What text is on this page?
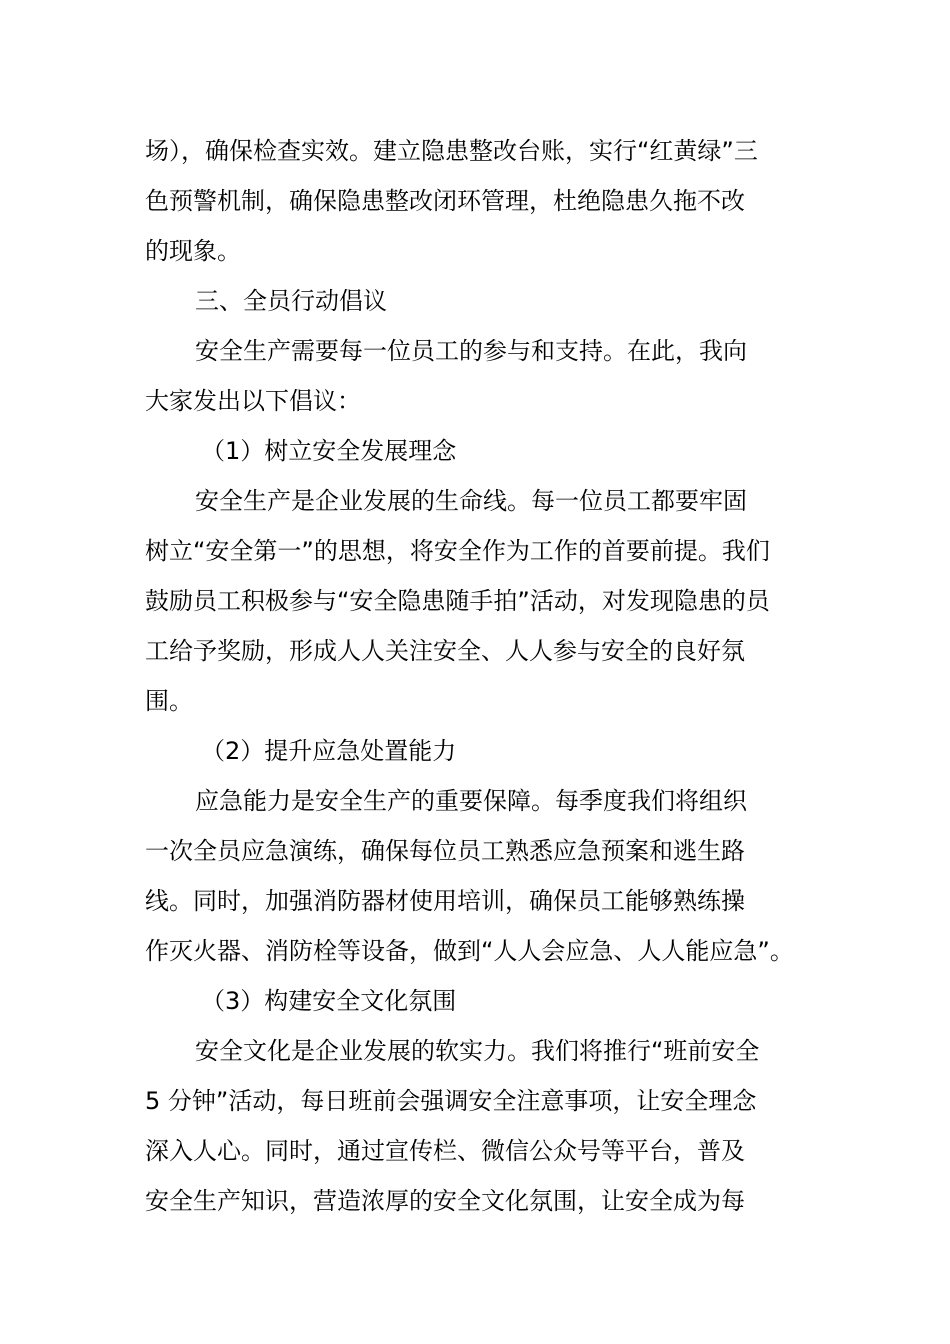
场），确保检查实效。建立隐患整改台账，实行“红黄绿”三

色预警机制，确保隐患整改闭环管理，杜绝隐患久拖不改

的现象。

三、全员行动倡议

安全生产需要每一位员工的参与和支持。在此，我向

大家发出以下倡议：

（1）树立安全发展理念

安全生产是企业发展的生命线。每一位员工都要牢固

树立“安全第一”的思想，将安全作为工作的首要前提。我们

鼓励员工积极参与“安全隐患随手拍”活动，对发现隐患的员

工给予奖励，形成人人关注安全、人人参与安全的良好氛

围。

（2）提升应急处置能力

应急能力是安全生产的重要保障。每季度我们将组织

一次全员应急演练，确保每位员工熟悉应急预案和逃生路

线。同时，加强消防器材使用培训，确保员工能够熟练操

作灭火器、消防栓等设备，做到“人人会应急、人人能应急”。

（3）构建安全文化氛围

安全文化是企业发展的软实力。我们将推行“班前安全

5 分钟”活动，每日班前会强调安全注意事项，让安全理念

深入人心。同时，通过宣传栏、微信公众号等平台，普及

安全生产知识，营造浓厚的安全文化氛围，让安全成为每
